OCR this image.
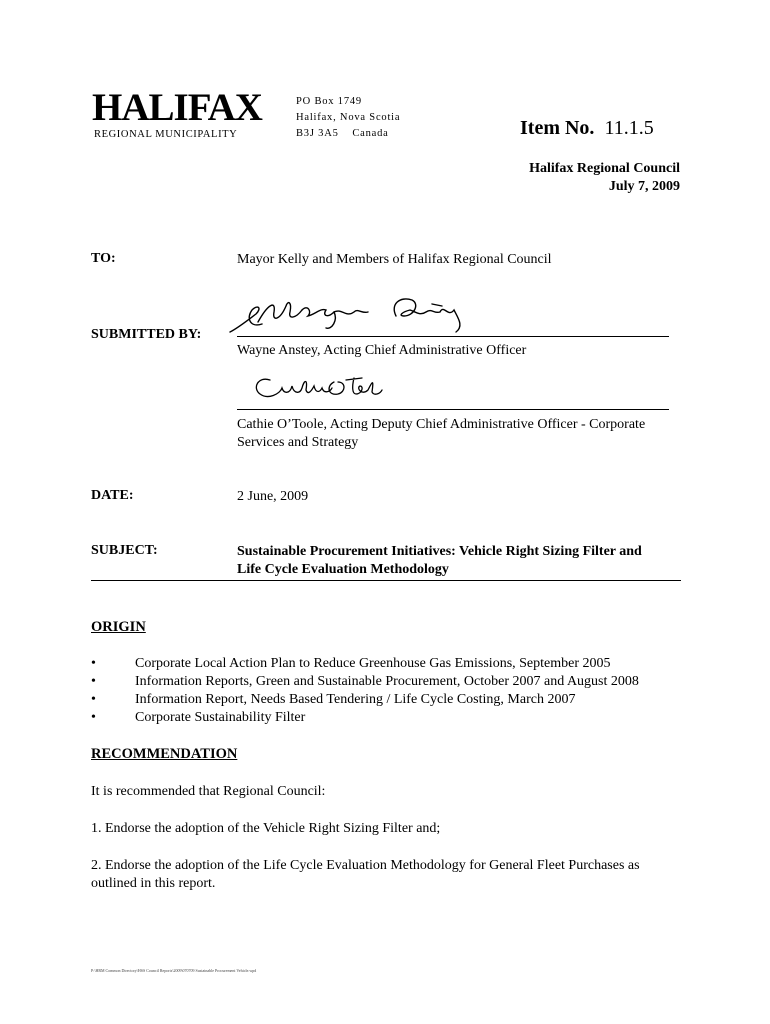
HALIFAX
REGIONAL MUNICIPALITY
PO Box 1749
Halifax, Nova Scotia
B3J 3A5    Canada	Item No. 11.1.5
Halifax Regional Council
July 7, 2009
TO:	Mayor Kelly and Members of Halifax Regional Council
SUBMITTED BY:
Wayne Anstey, Acting Chief Administrative Officer
Cathie O’Toole, Acting Deputy Chief Administrative Officer - Corporate
Services and Strategy
DATE:	2 June, 2009
SUBJECT:	Sustainable Procurement Initiatives: Vehicle Right Sizing Filter and
Life Cycle Evaluation Methodology
ORIGIN
•	Corporate Local Action Plan to Reduce Greenhouse Gas Emissions, September 2005
•	Information Reports, Green and Sustainable Procurement, October 2007 and August 2008
•	Information Report, Needs Based Tendering / Life Cycle Costing, March 2007
•	Corporate Sustainability Filter
RECOMMENDATION
It is recommended that Regional Council:
1. Endorse the adoption of the Vehicle Right Sizing Filter and;
2. Endorse the adoption of the Life Cycle Evaluation Methodology for General Fleet Purchases as
outlined in this report.
P:\HRM Common Directory\HSS Council Reports\2009\070709 Sustainable Procurement Vehicle.wpd
